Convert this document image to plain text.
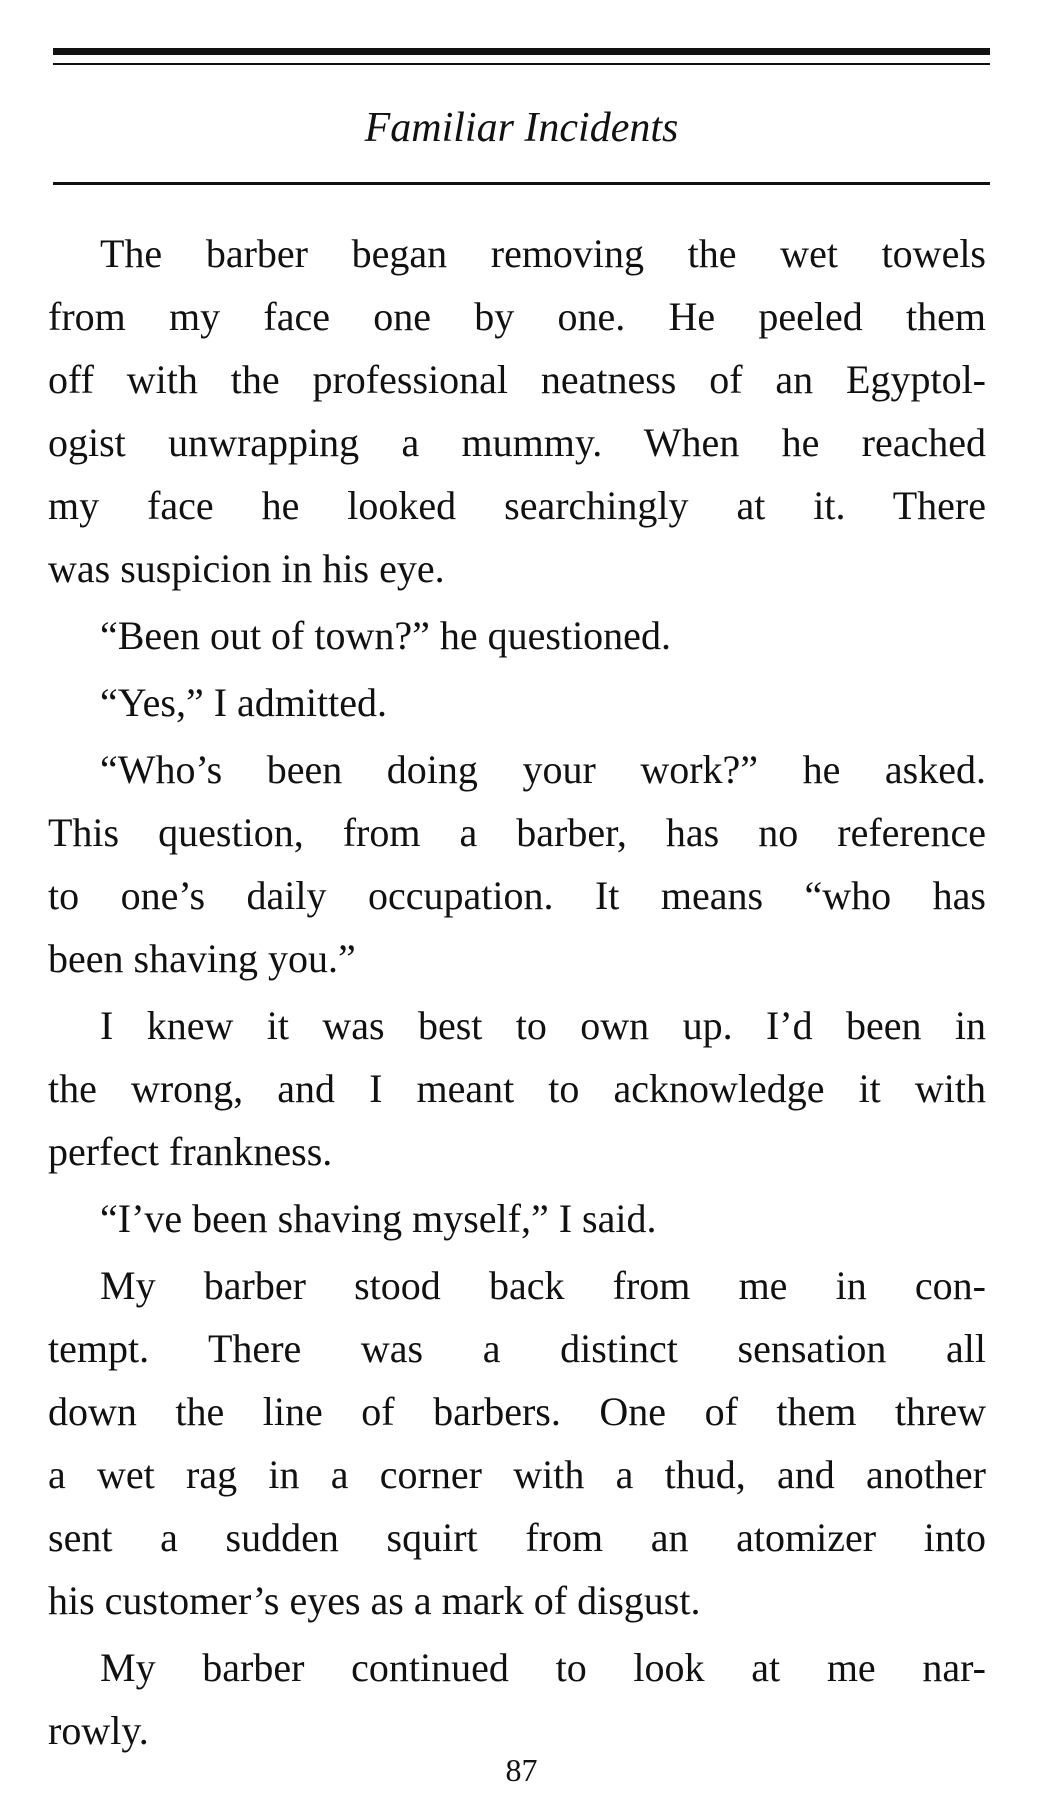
Familiar Incidents
The barber began removing the wet towels
from my face one by one. He peeled them
off with the professional neatness of an Egyptol-
ogist unwrapping a mummy. When he reached
my face he looked searchingly at it. There
was suspicion in his eye.
“Been out of town?” he questioned.
“Yes,” I admitted.
“Who’s been doing your work?” he asked.
This question, from a barber, has no reference
to one’s daily occupation. It means “who has
been shaving you.”
I knew it was best to own up. I’d been in
the wrong, and I meant to acknowledge it with
perfect frankness.
“I’ve been shaving myself,” I said.
My barber stood back from me in con-
tempt. There was a distinct sensation all
down the line of barbers. One of them threw
a wet rag in a corner with a thud, and another
sent a sudden squirt from an atomizer into
his customer’s eyes as a mark of disgust.
My barber continued to look at me nar-
rowly.
87
